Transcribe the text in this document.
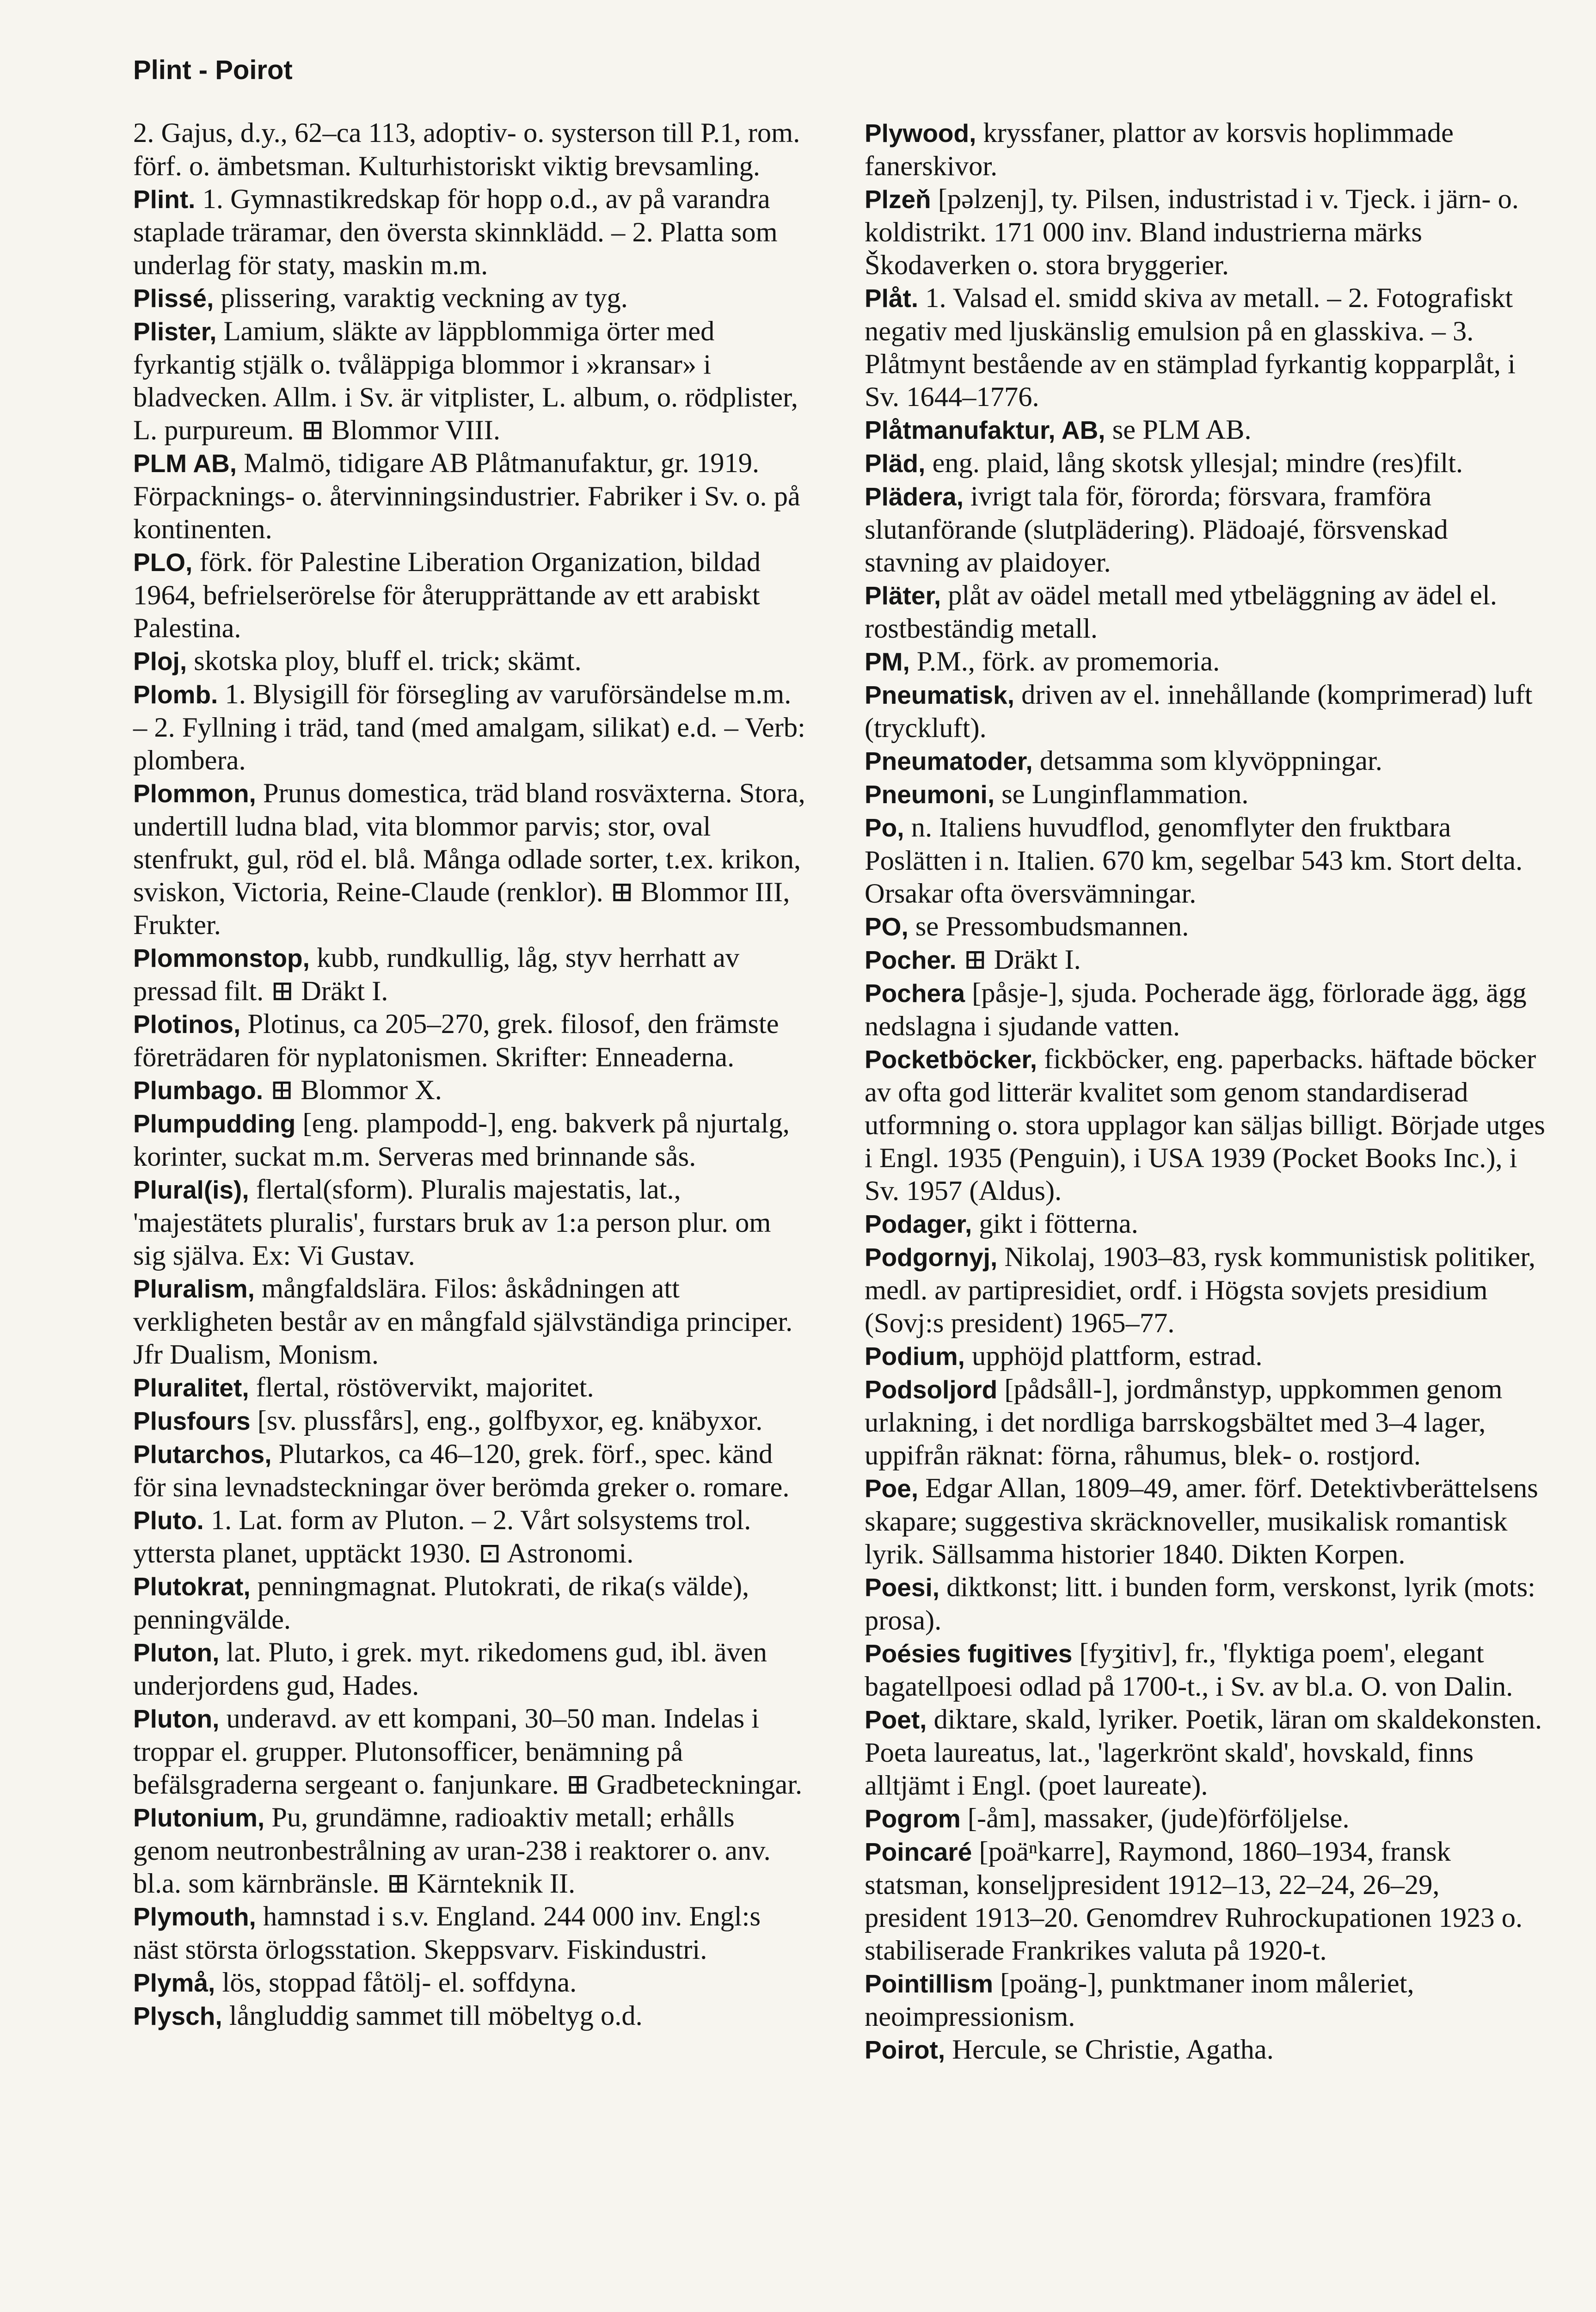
Plint - Poirot
2. Gajus, d.y., 62–ca 113, adoptiv- o. systerson till P.1, rom. förf. o. ämbetsman. Kulturhistoriskt viktig brevsamling.
Plint. 1. Gymnastikredskap för hopp o.d., av på varandra staplade träramar, den översta skinnklädd. – 2. Platta som underlag för staty, maskin m.m.
Plissé, plissering, varaktig veckning av tyg.
Plister, Lamium, släkte av läppblommiga örter med fyrkantig stjälk o. tvåläppiga blommor i »kransar» i bladvecken. Allm. i Sv. är vitplister, L. album, o. rödplister, L. purpureum. ⊞ Blommor VIII.
PLM AB, Malmö, tidigare AB Plåtmanufaktur, gr. 1919. Förpacknings- o. återvinningsindustrier. Fabriker i Sv. o. på kontinenten.
PLO, förk. för Palestine Liberation Organization, bildad 1964, befrielserörelse för återupprättande av ett arabiskt Palestina.
Ploj, skotska ploy, bluff el. trick; skämt.
Plomb. 1. Blysigill för försegling av varuförsändelse m.m. – 2. Fyllning i träd, tand (med amalgam, silikat) e.d. – Verb: plombera.
Plommon, Prunus domestica, träd bland rosväxterna. Stora, undertill ludna blad, vita blommor parvis; stor, oval stenfrukt, gul, röd el. blå. Många odlade sorter, t.ex. krikon, sviskon, Victoria, Reine-Claude (renklor). ⊞ Blommor III, Frukter.
Plommonstop, kubb, rundkullig, låg, styv herrhatt av pressad filt. ⊞ Dräkt I.
Plotinos, Plotinus, ca 205–270, grek. filosof, den främste företrädaren för nyplatonismen. Skrifter: Enneaderna.
Plumbago. ⊞ Blommor X.
Plumpudding [eng. plampodd-], eng. bakverk på njurtalg, korinter, suckat m.m. Serveras med brinnande sås.
Plural(is), flertal(sform). Pluralis majestatis, lat., 'majestätets pluralis', furstars bruk av 1:a person plur. om sig själva. Ex: Vi Gustav.
Pluralism, mångfaldslära. Filos: åskådningen att verkligheten består av en mångfald självständiga principer. Jfr Dualism, Monism.
Pluralitet, flertal, röstövervikt, majoritet.
Plusfours [sv. plussfårs], eng., golfbyxor, eg. knäbyxor.
Plutarchos, Plutarkos, ca 46–120, grek. förf., spec. känd för sina levnadsteckningar över berömda greker o. romare.
Pluto. 1. Lat. form av Pluton. – 2. Vårt solsystems trol. yttersta planet, upptäckt 1930. ⊡ Astronomi.
Plutokrat, penningmagnat. Plutokrati, de rika(s välde), penningvälde.
Pluton, lat. Pluto, i grek. myt. rikedomens gud, ibl. även underjordens gud, Hades.
Pluton, underavd. av ett kompani, 30–50 man. Indelas i troppar el. grupper. Plutonsofficer, benämning på befälsgraderna sergeant o. fanjunkare. ⊞ Gradbeteckningar.
Plutonium, Pu, grundämne, radioaktiv metall; erhålls genom neutronbestrålning av uran-238 i reaktorer o. anv. bl.a. som kärnbränsle. ⊞ Kärnteknik II.
Plymouth, hamnstad i s.v. England. 244 000 inv. Engl:s näst största örlogsstation. Skeppsvarv. Fiskindustri.
Plymå, lös, stoppad fåtölj- el. soffdyna.
Plysch, långluddig sammet till möbeltyg o.d.
Plywood, kryssfaner, plattor av korsvis hoplimmade fanerskivor.
Plzeň [pəlzenj], ty. Pilsen, industristad i v. Tjeck. i järn- o. koldistrikt. 171 000 inv. Bland industrierna märks Škodaverken o. stora bryggerier.
Plåt. 1. Valsad el. smidd skiva av metall. – 2. Fotografiskt negativ med ljuskänslig emulsion på en glasskiva. – 3. Plåtmynt bestående av en stämplad fyrkantig kopparplåt, i Sv. 1644–1776.
Plåtmanufaktur, AB, se PLM AB.
Pläd, eng. plaid, lång skotsk yllesjal; mindre (res)filt.
Plädera, ivrigt tala för, förorda; försvara, framföra slutanförande (slutplädering). Plädoajé, försvenskad stavning av plaidoyer.
Pläter, plåt av oädel metall med ytbeläggning av ädel el. rostbeständig metall.
PM, P.M., förk. av promemoria.
Pneumatisk, driven av el. innehållande (komprimerad) luft (tryckluft).
Pneumatoder, detsamma som klyvöppningar.
Pneumoni, se Lunginflammation.
Po, n. Italiens huvudflod, genomflyter den fruktbara Poslätten i n. Italien. 670 km, segelbar 543 km. Stort delta. Orsakar ofta översvämningar.
PO, se Pressombudsmannen.
Pocher. ⊞ Dräkt I.
Pochera [påsje-], sjuda. Pocherade ägg, förlorade ägg, ägg nedslagna i sjudande vatten.
Pocketböcker, fickböcker, eng. paperbacks. häftade böcker av ofta god litterär kvalitet som genom standardiserad utformning o. stora upplagor kan säljas billigt. Började utges i Engl. 1935 (Penguin), i USA 1939 (Pocket Books Inc.), i Sv. 1957 (Aldus).
Podager, gikt i fötterna.
Podgornyj, Nikolaj, 1903–83, rysk kommunistisk politiker, medl. av partipresidiet, ordf. i Högsta sovjets presidium (Sovj:s president) 1965–77.
Podium, upphöjd plattform, estrad.
Podsoljord [pådsåll-], jordmånstyp, uppkommen genom urlakning, i det nordliga barrskogsbältet med 3–4 lager, uppifrån räknat: förna, råhumus, blek- o. rostjord.
Poe, Edgar Allan, 1809–49, amer. förf. Detektivberättelsens skapare; suggestiva skräcknoveller, musikalisk romantisk lyrik. Sällsamma historier 1840. Dikten Korpen.
Poesi, diktkonst; litt. i bunden form, verskonst, lyrik (mots: prosa).
Poésies fugitives [fyʒitiv], fr., 'flyktiga poem', elegant bagatellpoesi odlad på 1700-t., i Sv. av bl.a. O. von Dalin.
Poet, diktare, skald, lyriker. Poetik, läran om skaldekonsten. Poeta laureatus, lat., 'lagerkrönt skald', hovskald, finns alltjämt i Engl. (poet laureate).
Pogrom [-åm], massaker, (jude)förföljelse.
Poincaré [poäⁿkarre], Raymond, 1860–1934, fransk statsman, konseljpresident 1912–13, 22–24, 26–29, president 1913–20. Genomdrev Ruhrockupationen 1923 o. stabiliserade Frankrikes valuta på 1920-t.
Pointillism [poäng-], punktmaner inom måleriet, neoimpressionism.
Poirot, Hercule, se Christie, Agatha.
